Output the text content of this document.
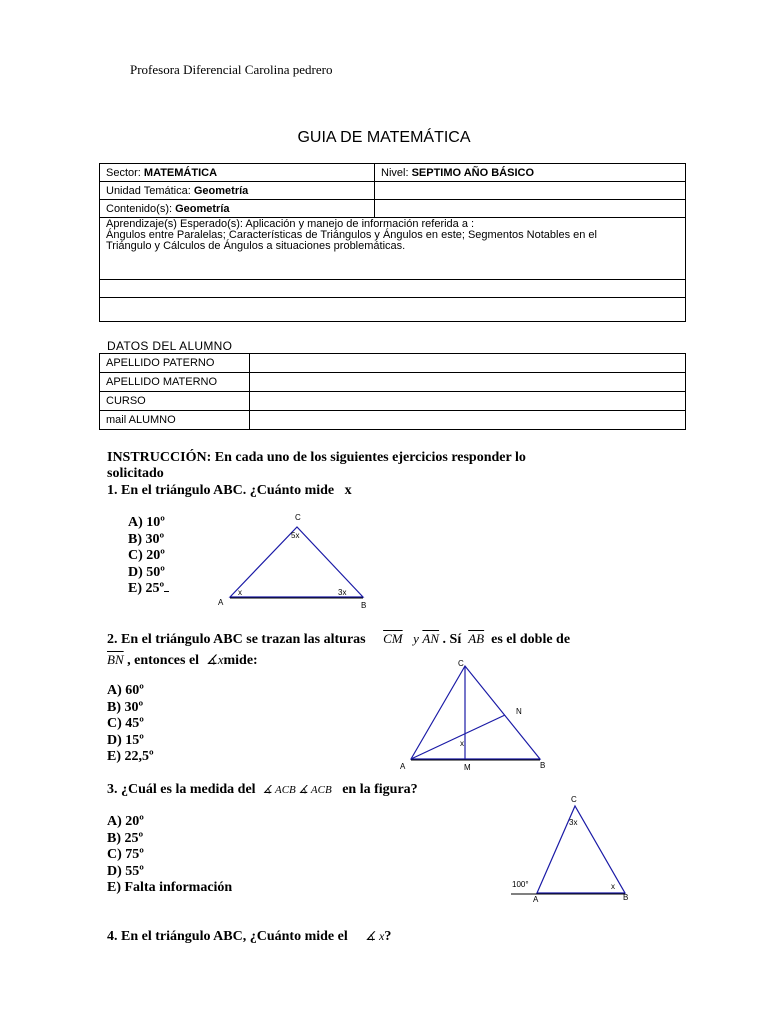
Profesora Diferencial Carolina pedrero
GUIA DE MATEMÁTICA
Sector: MATEMÁTICA	Nivel: SEPTIMO AÑO BÁSICO
Unidad Temática: Geometría	
Contenido(s): Geometría	

Aprendizaje(s) Esperado(s): Aplicación y manejo de información referida a :
Ángulos entre Paralelas; Características de Triángulos y Ángulos en este; Segmentos Notables en el
Triángulo y Cálculos de Ángulos a situaciones problemáticas.	

DATOS DEL ALUMNO
APELLIDO PATERNO	
APELLIDO MATERNO	
CURSO	
mail ALUMNO	
INSTRUCCIÓN: En cada uno de los siguientes ejercicios responder lo
solicitado
1. En el triángulo ABC. ¿Cuánto mide x
A) 10º
B) 30º
C) 20º
D) 50º
E) 25º
C
5x
A
x	3x
B
2. En el triángulo ABC se trazan las alturas $\overline{CM}$ y $\overline{AN}$ . Sí $\overline{AB}$ es el doble de
$\overline{BN}$ , entonces el ∡xmide:
A) 60º
B) 30º
C) 45º
D) 15º
E) 22,5º
C
N
x
A	M	B
3. ¿Cuál es la medida del ∡ ACB ∡ ACB en la figura?
A) 20º
B) 25º
C) 75º
D) 55º
E) Falta información
C
3x
100°	x
A	B
4. En el triángulo ABC, ¿Cuánto mide el ∡ x?
